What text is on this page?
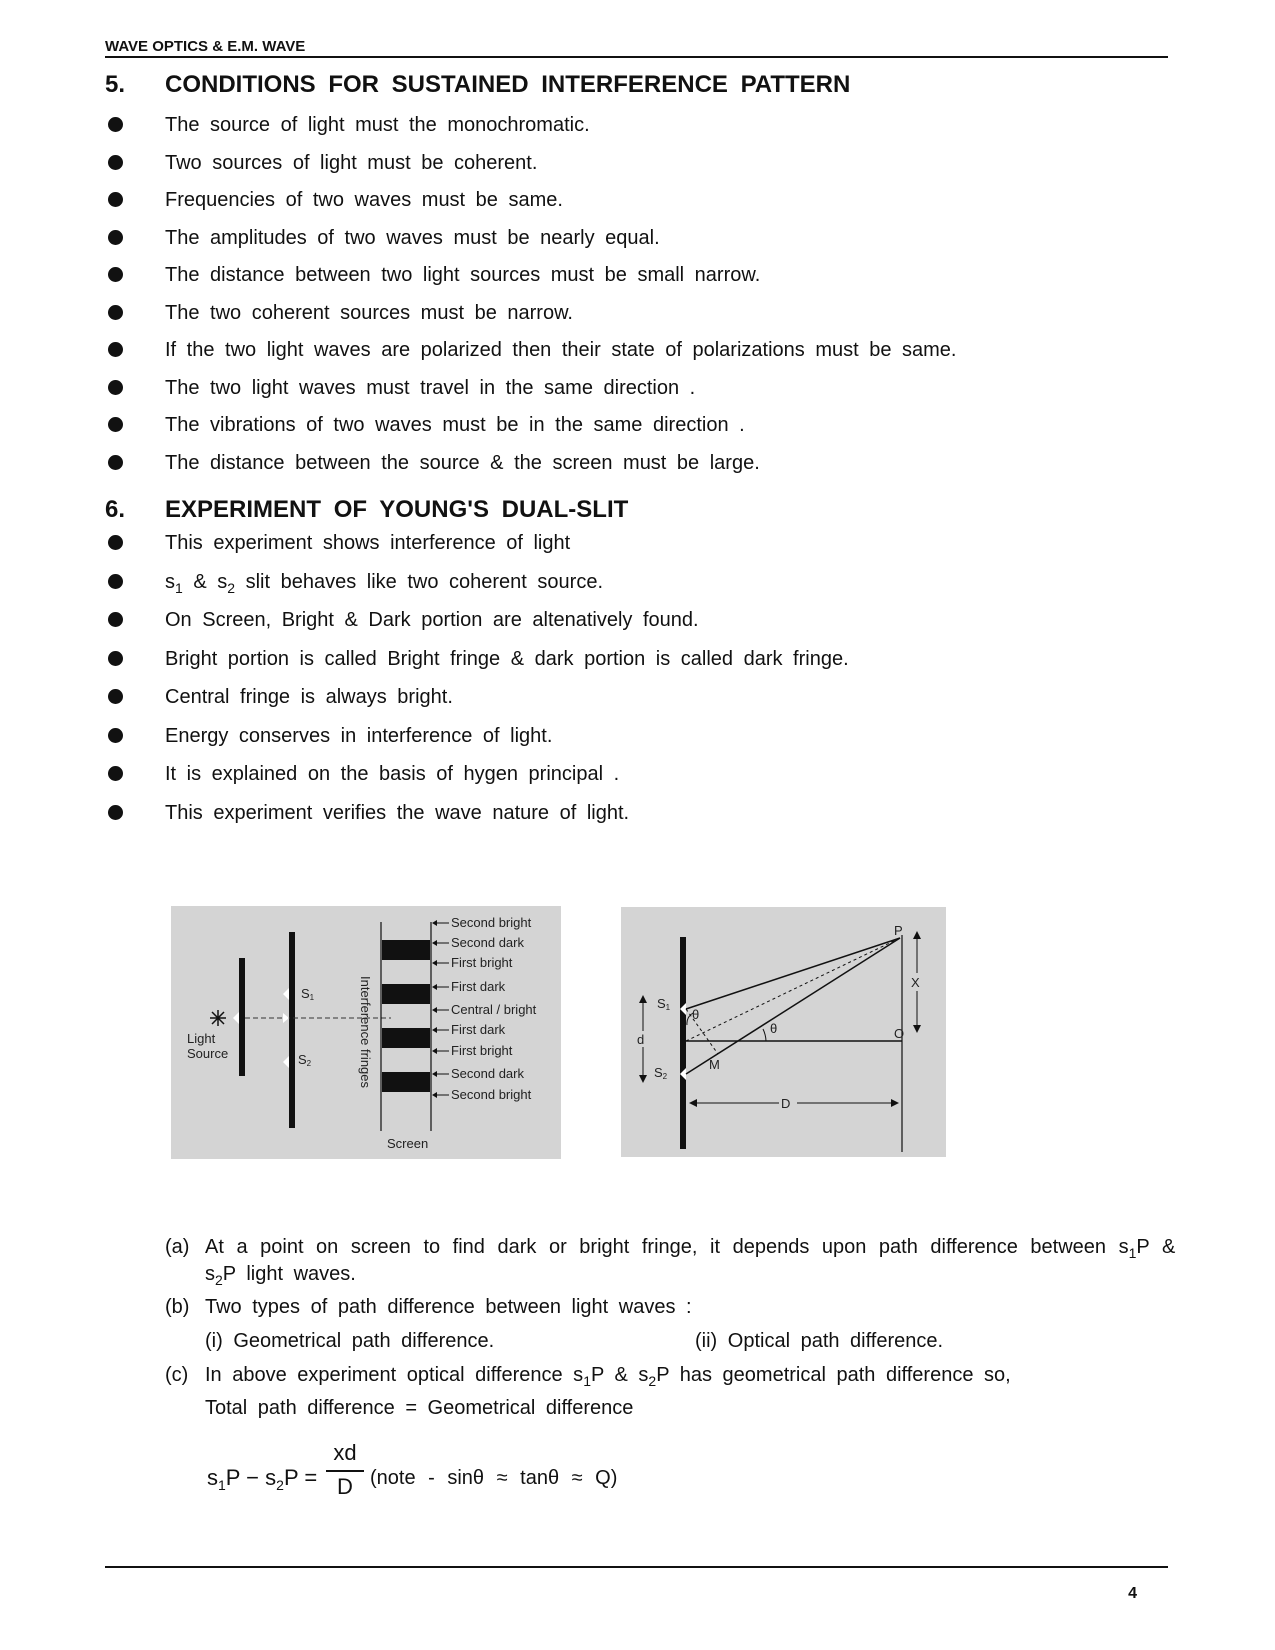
WAVE OPTICS & E.M. WAVE
5. CONDITIONS FOR SUSTAINED INTERFERENCE PATTERN
The source of light must the monochromatic.
Two sources of light must be coherent.
Frequencies of two waves must be same.
The amplitudes of two waves must be nearly equal.
The distance between two light sources must be small narrow.
The two coherent sources must be narrow.
If the two light waves are polarized then their state of polarizations must be same.
The two light waves must travel in the same direction .
The vibrations of two waves must be in the same direction .
The distance between the source & the screen must be large.
6. EXPERIMENT OF YOUNG'S DUAL-SLIT
This experiment shows interference of light
$s_1$ & $s_2$ slit behaves like two coherent source.
On Screen, Bright & Dark portion are altenatively found.
Bright portion is called Bright fringe & dark portion is called dark fringe.
Central fringe is always bright.
Energy conserves in interference of light.
It is explained on the basis of hygen principal .
This experiment verifies the wave nature of light.
Light
Source
S1
S2	Interference fringes
Screen
Second bright
Second dark
First bright
First dark
Central / bright
First dark
First bright
Second dark
Second bright
θ
θ
P
O
M
S1
S2
d
X
D
(a) At a point on screen to find dark or bright fringe, it depends upon path difference between $s_1P$ &
$s_2P$ light waves.
(b) Two types of path difference between light waves :
(i) Geometrical path difference.	(ii) Optical path difference.
(c) In above experiment optical difference $s_1P$ & $s_2P$ has geometrical path difference so,
Total path difference = Geometrical difference
$s_1P - s_2P$ =
xd
D (note - sinθ ≈ tanθ ≈ Q)
4
